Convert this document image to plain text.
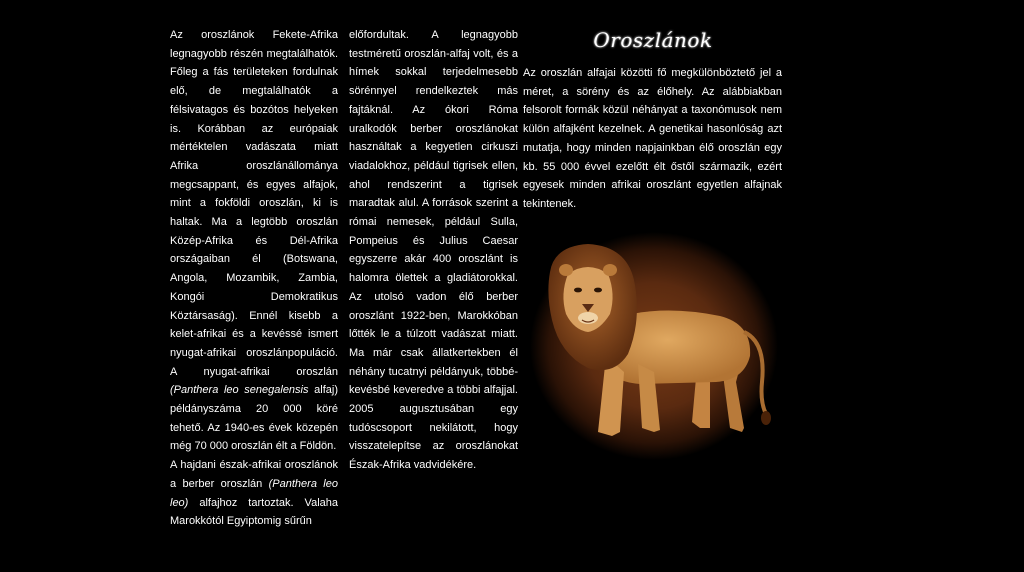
Oroszlánok

Az oroszlánok Fekete-Afrika legnagyobb részén megtalálhatók. Főleg a fás területeken fordulnak elő, de megtalálhatók a félsivatagos és bozótos helyeken is. Korábban az európaiak mértéktelen vadászata miatt Afrika oroszlánállománya megcsappant, és egyes alfajok, mint a fokföldi oroszlán, ki is haltak. Ma a legtöbb oroszlán Közép-Afrika és Dél-Afrika országaiban él (Botswana, Angola, Mozambik, Zambia, Kongói Demokratikus Köztársaság). Ennél kisebb a kelet-afrikai és a kevéssé ismert nyugat-afrikai oroszlánpopuláció. A nyugat-afrikai oroszlán (Panthera leo senegalensis alfaj) példányszáma 20 000 köré tehető. Az 1940-es évek közepén még 70 000 oroszlán élt a Földön.

A hajdani észak-afrikai oroszlánok a berber oroszlán (Panthera leo leo) alfajhoz tartoztak. Valaha Marokkótól Egyiptomig sűrűn

előfordultak. A legnagyobb testméretű oroszlán-alfaj volt, és a hímek sokkal terjedelmesebb sörénnyel rendelkeztek más fajtáknál. Az ókori Róma uralkodók berber oroszlánokat használtak a kegyetlen cirkuszi viadalokhoz, például tigrisek ellen, ahol rendszerint a tigrisek maradtak alul. A források szerint a római nemesek, például Sulla, Pompeius és Julius Caesar egyszerre akár 400 oroszlánt is halomra ölettek a gladiátorokkal. Az utolsó vadon élő berber oroszlánt 1922-ben, Marokkóban lőtték le a túlzott vadászat miatt. Ma már csak állatkertekben él néhány tucatnyi példányuk, többé-kevésbé keveredve a többi alfajjal. 2005 augusztusában egy tudóscsoport nekilátott, hogy visszatelepítse az oroszlánokat Észak-Afrika vadvidékére.

Az oroszlán alfajai közötti fő megkülönböztető jel a méret, a sörény és az élőhely. Az alábbiakban felsorolt formák közül néhányat a taxonómusok nem külön alfajként kezelnek. A genetikai hasonlóság azt mutatja, hogy minden napjainkban élő oroszlán egy kb. 55 000 évvel ezelőtt élt őstől származik, ezért egyesek minden afrikai oroszlánt egyetlen alfajnak tekintenek.
